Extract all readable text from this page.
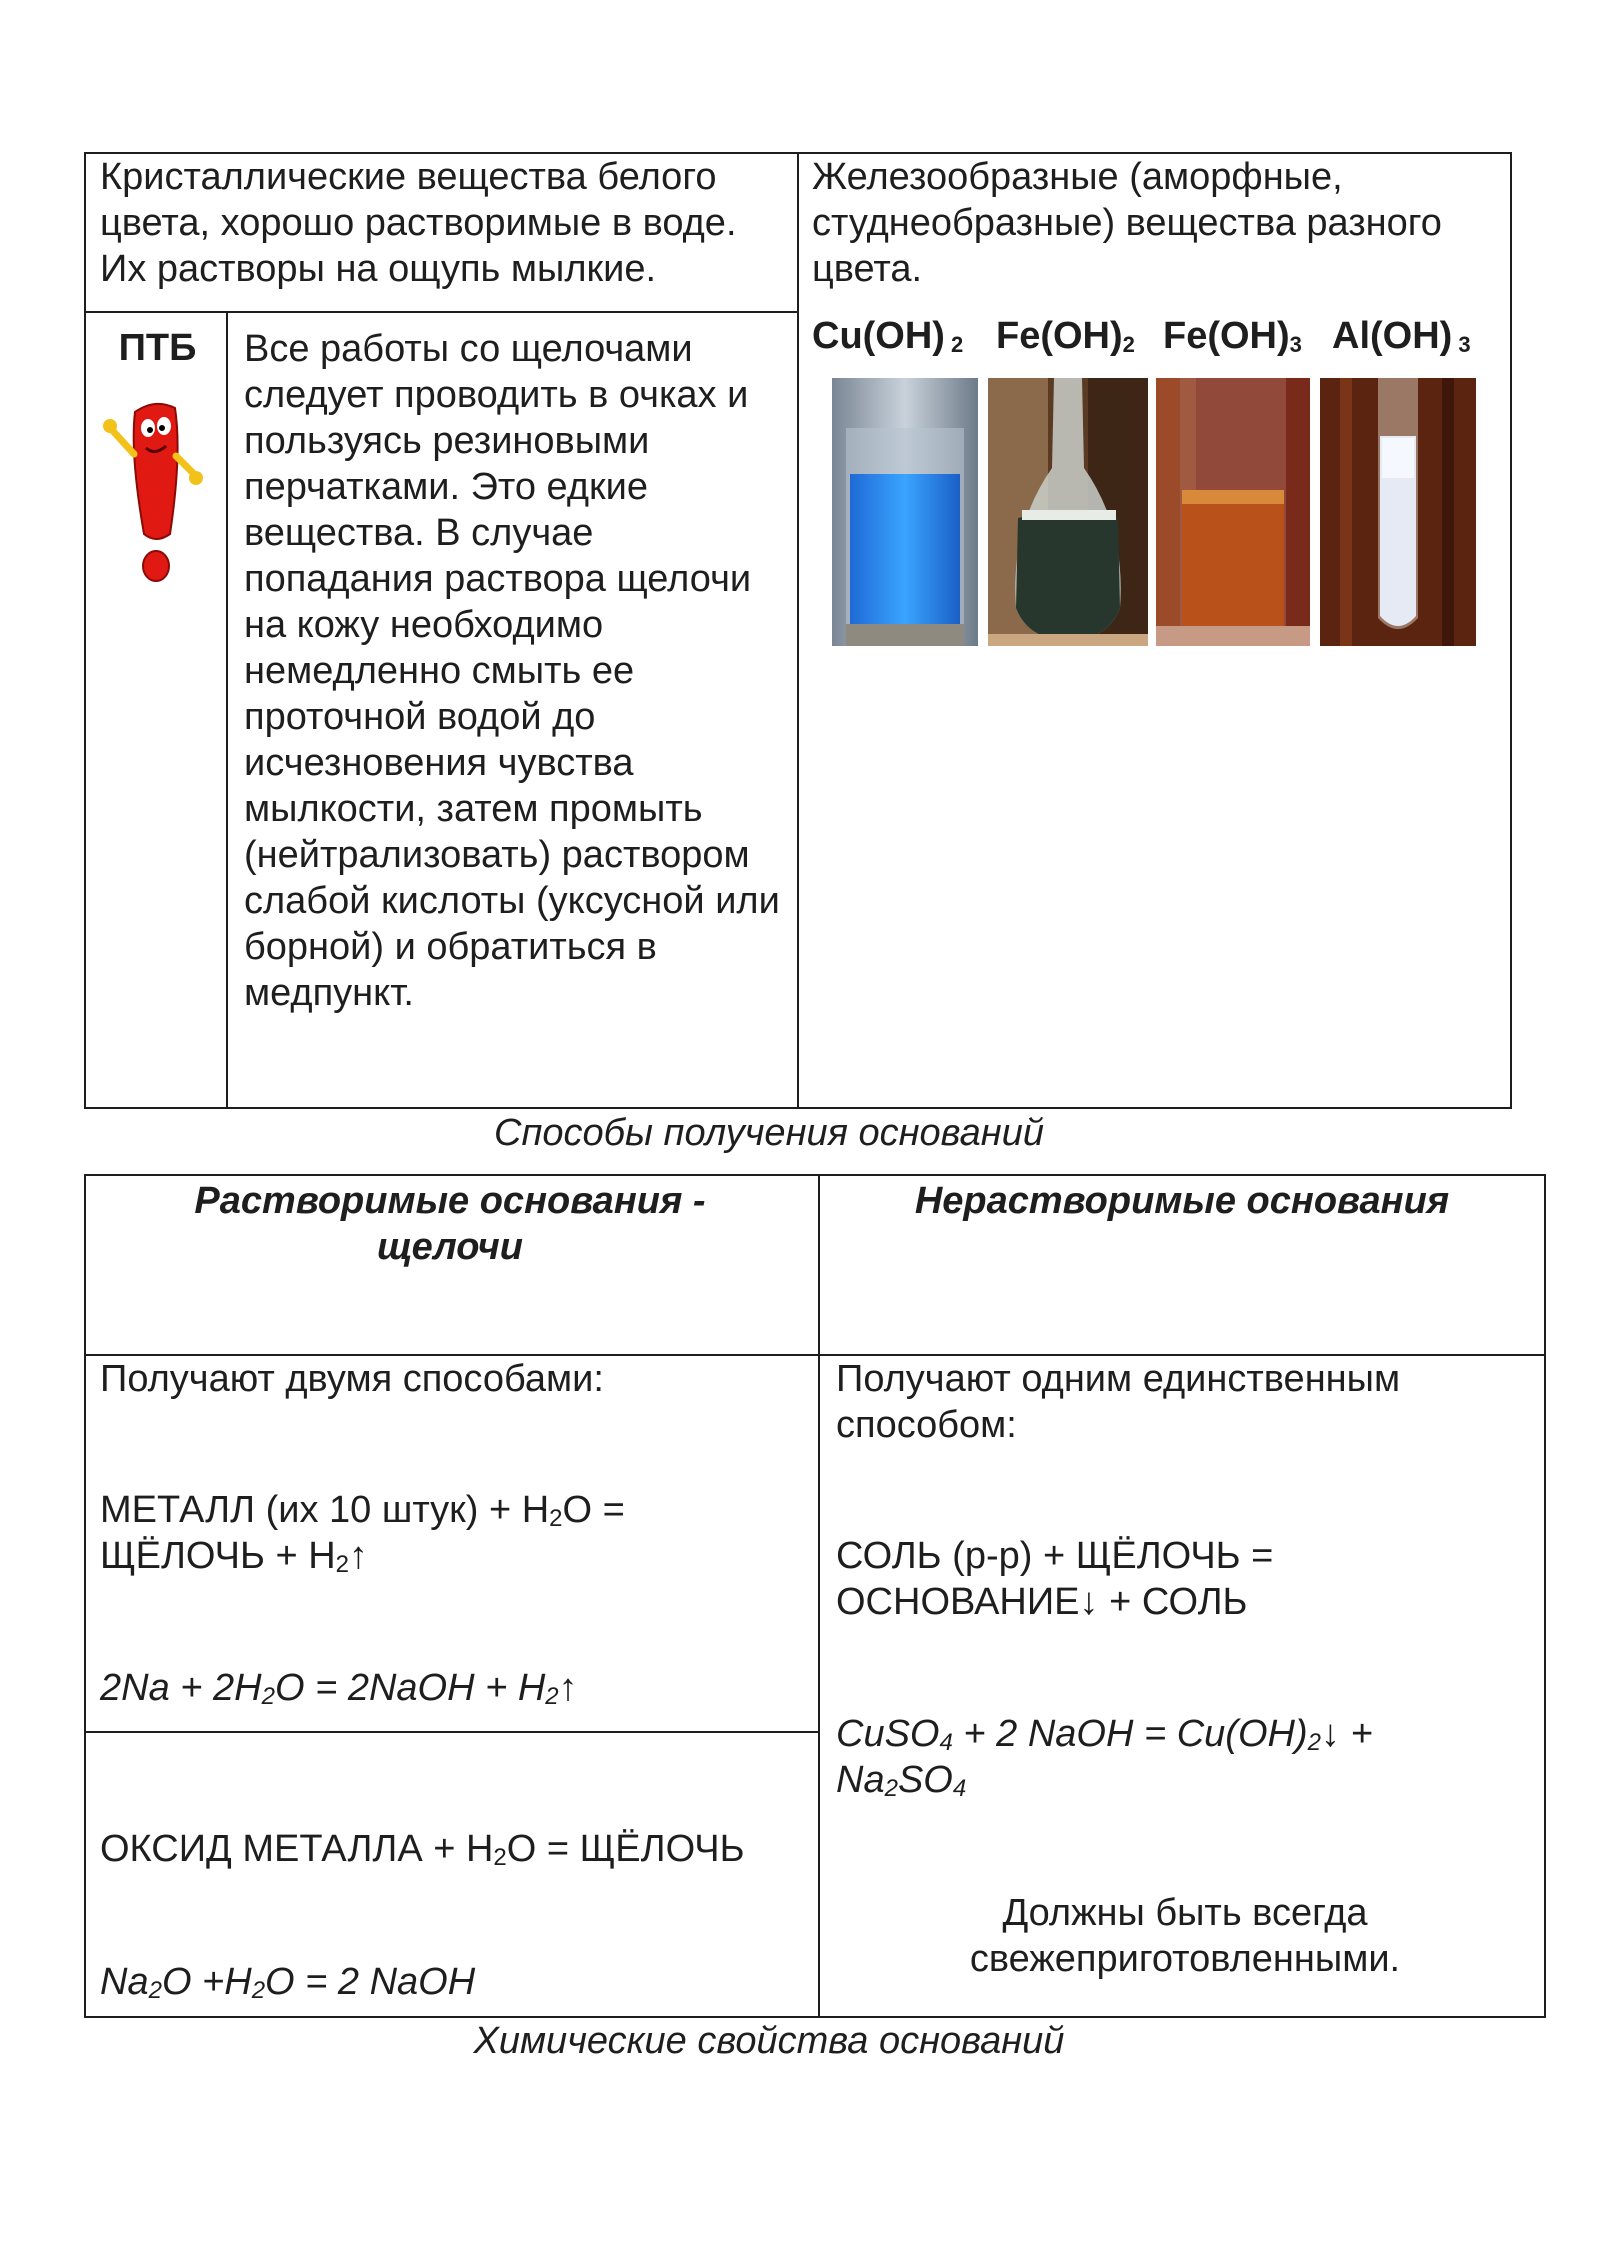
Кристаллические вещества белого цвета, хорошо растворимые в воде. Их растворы на ощупь мылкие.
Железообразные (аморфные, студнеобразные) вещества разного цвета.
ПТБ	Все работы со щелочами следует проводить в очках и пользуясь резиновыми перчатками. Это едкие вещества. В случае попадания раствора щелочи на кожу необходимо немедленно смыть ее проточной водой до исчезновения чувства мылкости, затем промыть (нейтрализовать) раствором слабой кислоты (уксусной или борной) и обратиться в медпункт.
Cu(OH) $_2$ $Fe(OH)_2$ $Fe(OH)_3$ Al(OH) $_3$
Способы получения оснований
Растворимые основания - щелочи
Нерастворимые основания
Получают двумя способами:
МЕТАЛЛ (их 10 штук) + $H_2O$ =
ЩЁЛОЧЬ + $H_2↑$
$2Na + 2H_2O$ = 2NaOH + $H_2↑$
ОКСИД МЕТАЛЛА + $H_2O$ = ЩЁЛОЧЬ
$Na_2O +H_2O = 2$ NaOH
Получают одним единственным способом:
СОЛЬ (р-р) + ЩЁЛОЧЬ =
ОСНОВАНИЕ↓ + СОЛЬ
CuSO$_4$ + 2 NaOH = $Cu(OH)_2↓$ +
$Na_2SO_4$
Должны быть всегда свежеприготовленными.
Химические свойства оснований
